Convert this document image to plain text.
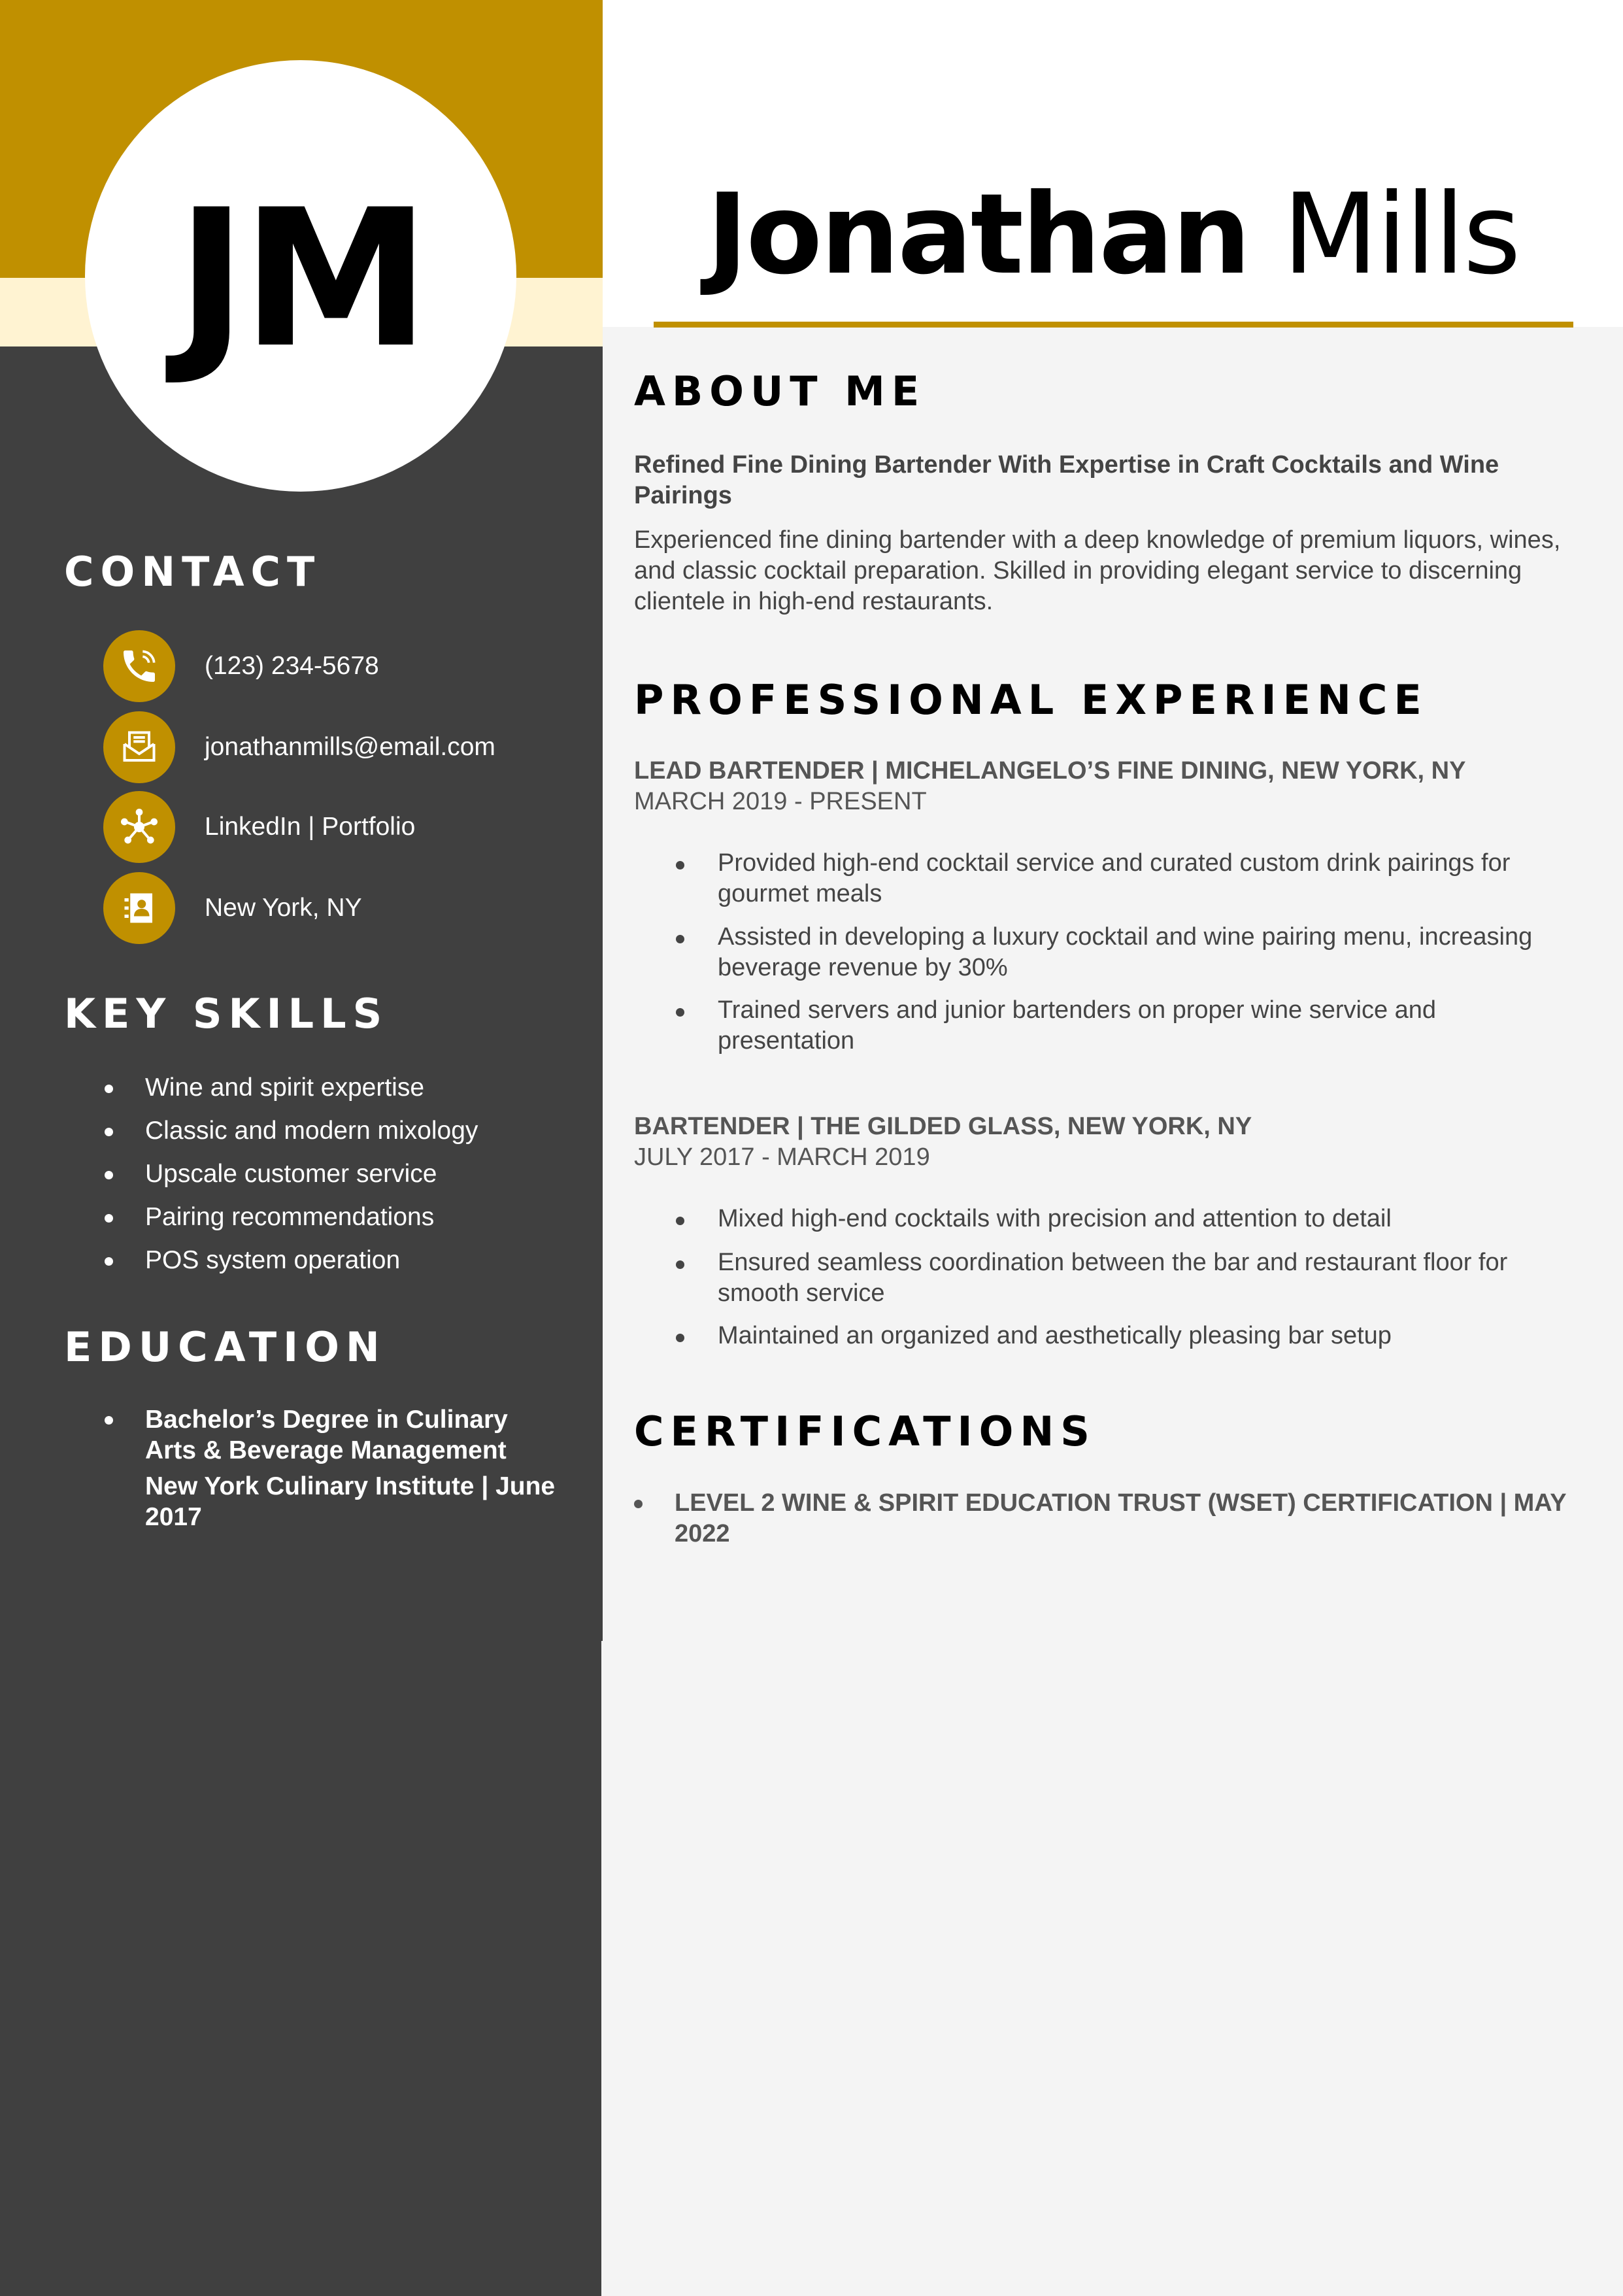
JM	Jonathan Mills
CONTACT
(123) 234-5678
jonathanmills@email.com
LinkedIn | Portfolio
New York, NY
KEY SKILLS
Wine and spirit expertise
Classic and modern mixology
Upscale customer service
Pairing recommendations
POS system operation
EDUCATION

Bachelor’s Degree in Culinary Arts & Beverage Management

New York Culinary Institute | June 2017

ABOUT ME
Refined Fine Dining Bartender With Expertise in Craft Cocktails and Wine Pairings
Experienced fine dining bartender with a deep knowledge of premium liquors, wines, and classic cocktail preparation. Skilled in providing elegant service to discerning clientele in high-end restaurants.
PROFESSIONAL EXPERIENCE
LEAD BARTENDER | MICHELANGELO’S FINE DINING, NEW YORK, NY
MARCH 2019 - PRESENT
Provided high-end cocktail service and curated custom drink pairings for gourmet meals
Assisted in developing a luxury cocktail and wine pairing menu, increasing beverage revenue by 30%
Trained servers and junior bartenders on proper wine service and presentation
BARTENDER | THE GILDED GLASS, NEW YORK, NY
JULY 2017 - MARCH 2019
Mixed high-end cocktails with precision and attention to detail
Ensured seamless coordination between the bar and restaurant floor for smooth service
Maintained an organized and aesthetically pleasing bar setup
CERTIFICATIONS
LEVEL 2 WINE & SPIRIT EDUCATION TRUST (WSET) CERTIFICATION | MAY 2022
